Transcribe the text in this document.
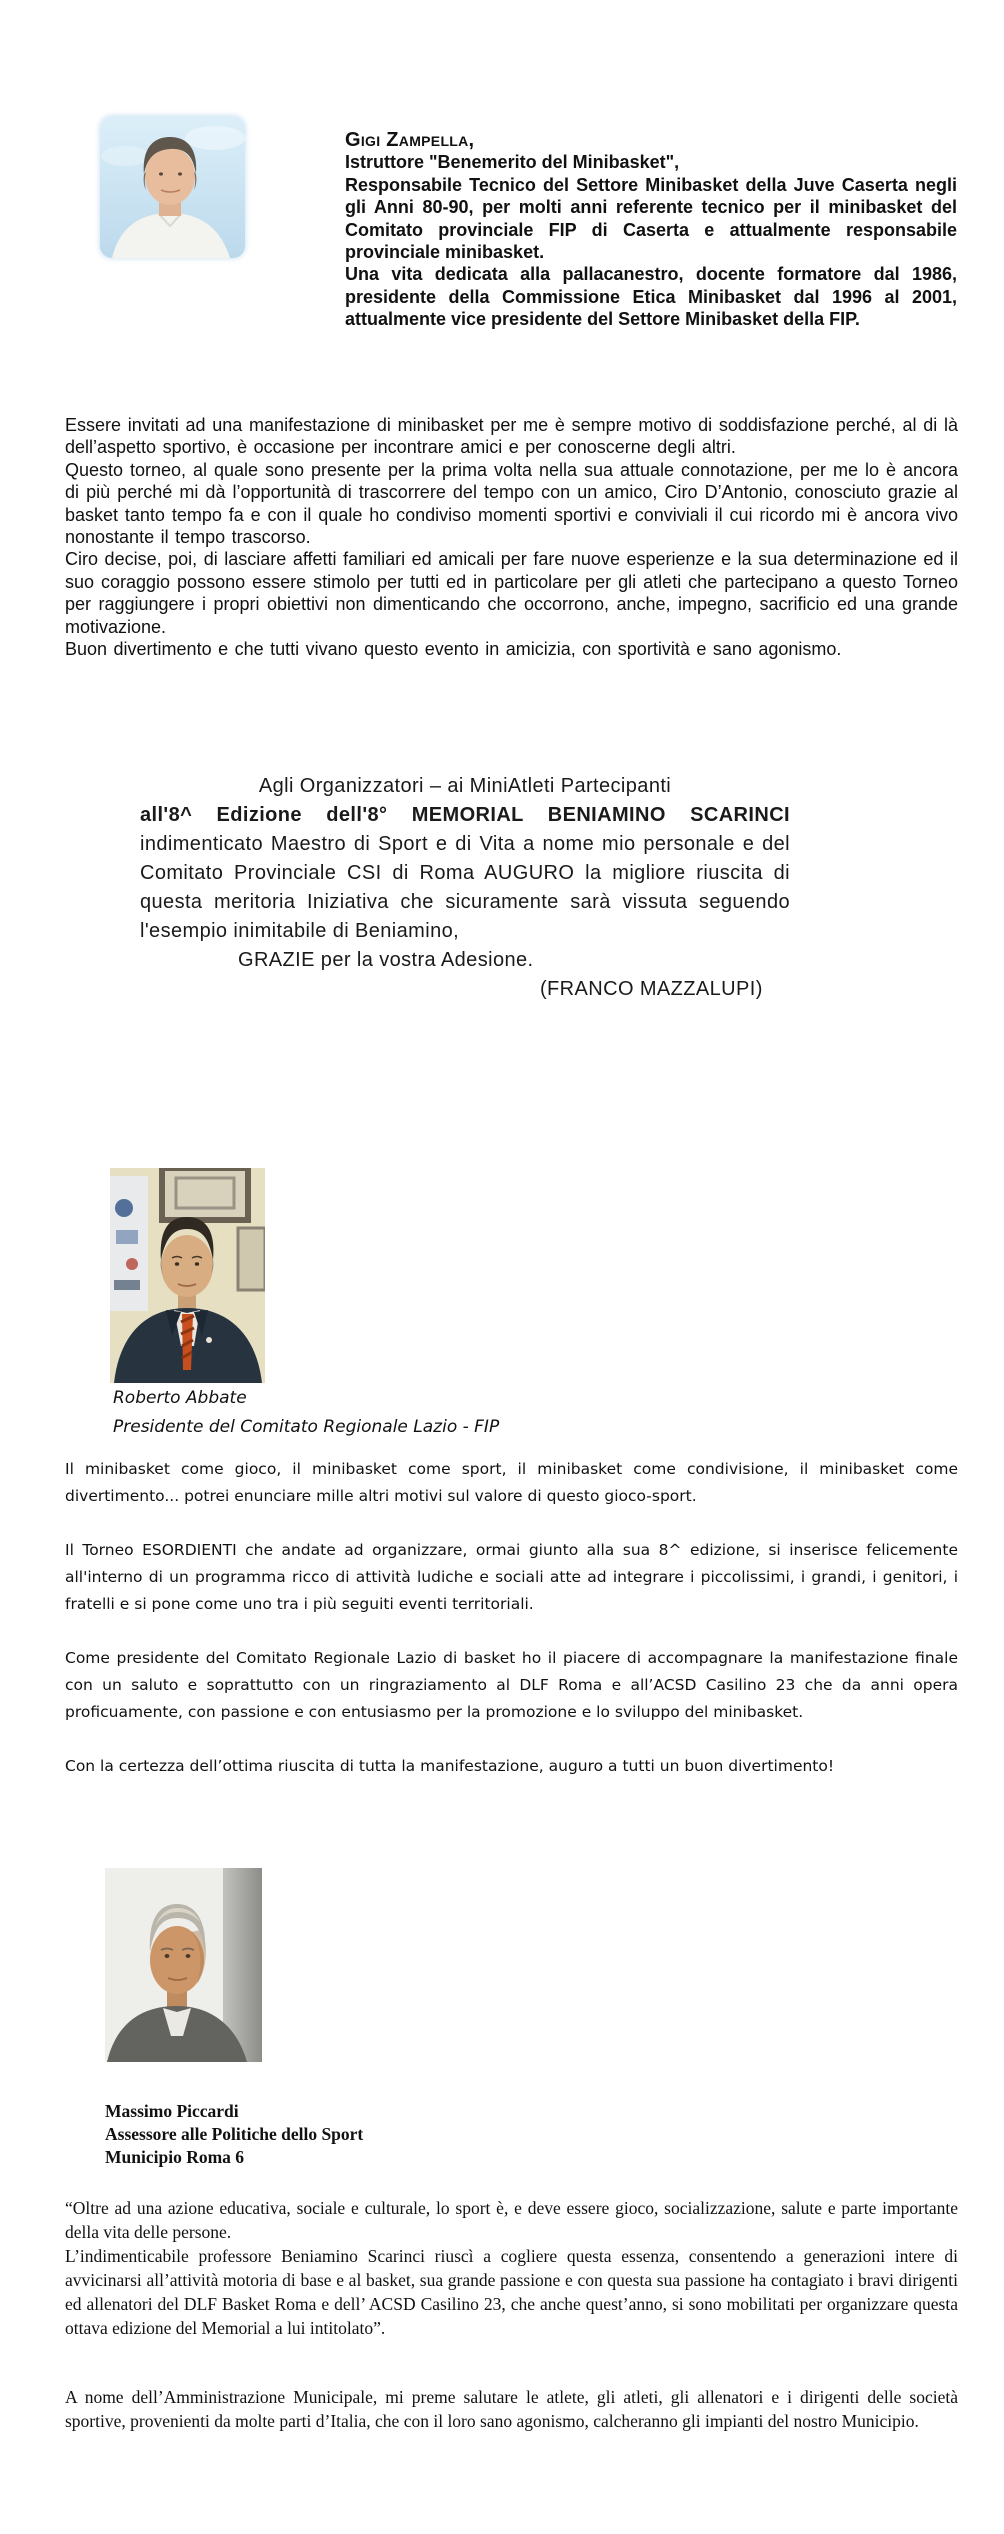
Gigi Zampella,

Istruttore "Benemerito del Minibasket",

Responsabile Tecnico del Settore Minibasket della Juve Caserta negli gli Anni 80-90, per molti anni referente tecnico per il minibasket del Comitato provinciale FIP di Caserta e attualmente responsabile provinciale minibasket.

Una vita dedicata alla pallacanestro, docente formatore dal 1986, presidente della Commissione Etica Minibasket dal 1996 al 2001, attualmente vice presidente del Settore Minibasket della FIP.

Essere invitati ad una manifestazione di minibasket per me è sempre motivo di soddisfazione perché, al di là dell’aspetto sportivo, è occasione per incontrare amici e per conoscerne degli altri.

Questo torneo, al quale sono presente per la prima volta nella sua attuale connotazione, per me lo è ancora di più perché mi dà l’opportunità di trascorrere del tempo con un amico, Ciro D’Antonio, conosciuto grazie al basket tanto tempo fa e con il quale ho condiviso momenti sportivi e conviviali il cui ricordo mi è ancora vivo nonostante il tempo trascorso.

Ciro decise, poi, di lasciare affetti familiari ed amicali per fare nuove esperienze e la sua determinazione ed il suo coraggio possono essere stimolo per tutti ed in particolare per gli atleti che partecipano a questo Torneo per raggiungere i propri obiettivi non dimenticando che occorrono, anche, impegno, sacrificio ed una grande motivazione.

Buon divertimento e che tutti vivano questo evento in amicizia, con sportività e sano agonismo.

Agli Organizzatori – ai MiniAtleti Partecipanti

all'8^ Edizione dell'8° MEMORIAL BENIAMINO SCARINCI

indimenticato Maestro di Sport e di Vita a nome mio personale e del Comitato Provinciale CSI di Roma AUGURO la migliore riuscita di questa meritoria Iniziativa che sicuramente sarà vissuta seguendo l'esempio inimitabile di Beniamino,

GRAZIE per la vostra Adesione.

(FRANCO MAZZALUPI)

Roberto Abbate

Presidente del Comitato Regionale Lazio - FIP

Il minibasket come gioco, il minibasket come sport, il minibasket come condivisione, il minibasket come divertimento... potrei enunciare mille altri motivi sul valore di questo gioco-sport.

Il Torneo ESORDIENTI che andate ad organizzare, ormai giunto alla sua 8^ edizione, si inserisce felicemente all'interno di un programma ricco di attività ludiche e sociali atte ad integrare i piccolissimi, i grandi, i genitori, i fratelli e si pone come uno tra i più seguiti eventi territoriali.

Come presidente del Comitato Regionale Lazio di basket ho il piacere di accompagnare la manifestazione finale con un saluto e soprattutto con un ringraziamento al DLF Roma e all’ACSD Casilino 23 che da anni opera proficuamente, con passione e con entusiasmo per la promozione e lo sviluppo del minibasket.

Con la certezza dell’ottima riuscita di tutta la manifestazione, auguro a tutti un buon divertimento!

Massimo Piccardi

Assessore alle Politiche dello Sport

Municipio Roma 6

“Oltre ad una azione educativa, sociale e culturale, lo sport è, e deve essere gioco, socializzazione, salute e parte importante della vita delle persone.

L’indimenticabile professore Beniamino Scarinci riuscì a cogliere questa essenza, consentendo a generazioni intere di avvicinarsi all’attività motoria di base e al basket, sua grande passione e con questa sua passione ha contagiato i bravi dirigenti ed allenatori del DLF Basket Roma e dell’ ACSD Casilino 23, che anche quest’anno, si sono mobilitati per organizzare questa ottava edizione del Memorial a lui intitolato”.

A nome dell’Amministrazione Municipale, mi preme salutare le atlete, gli atleti, gli allenatori e i dirigenti delle società sportive, provenienti da molte parti d’Italia, che con il loro sano agonismo, calcheranno gli impianti del nostro Municipio.
